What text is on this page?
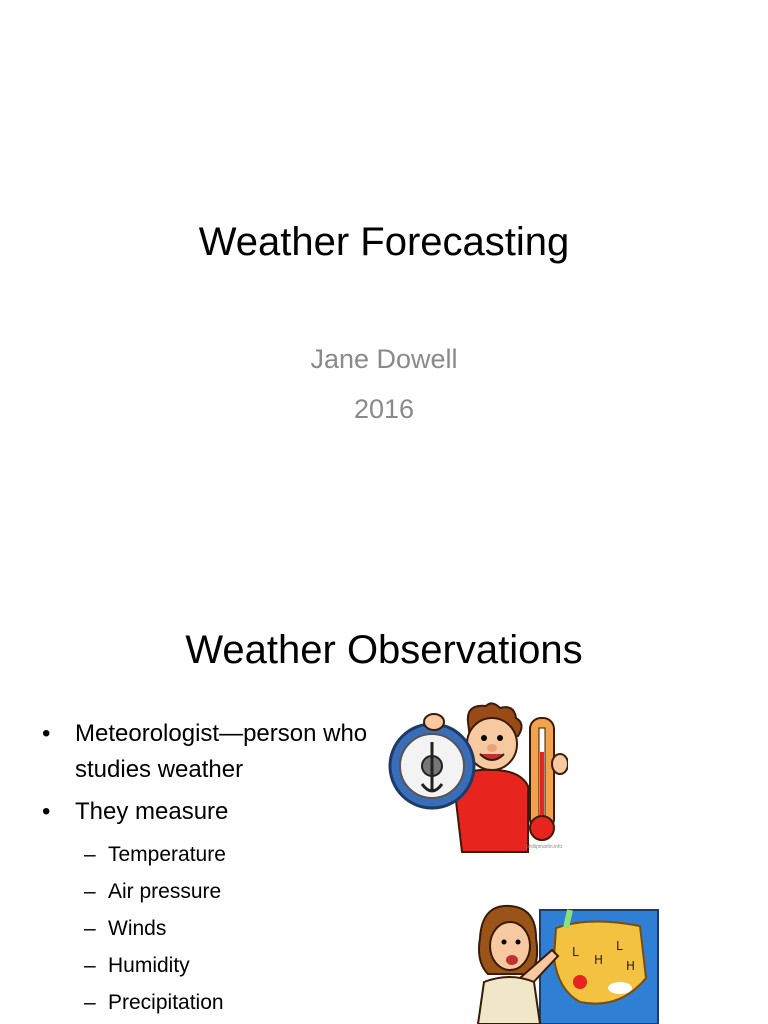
Weather Forecasting
Jane Dowell
2016
Weather Observations
• Meteorologist—person who studies weather
• They measure
– Temperature
– Air pressure
– Winds
– Humidity
– Precipitation
phillipmartin.info
L
H
L
H
